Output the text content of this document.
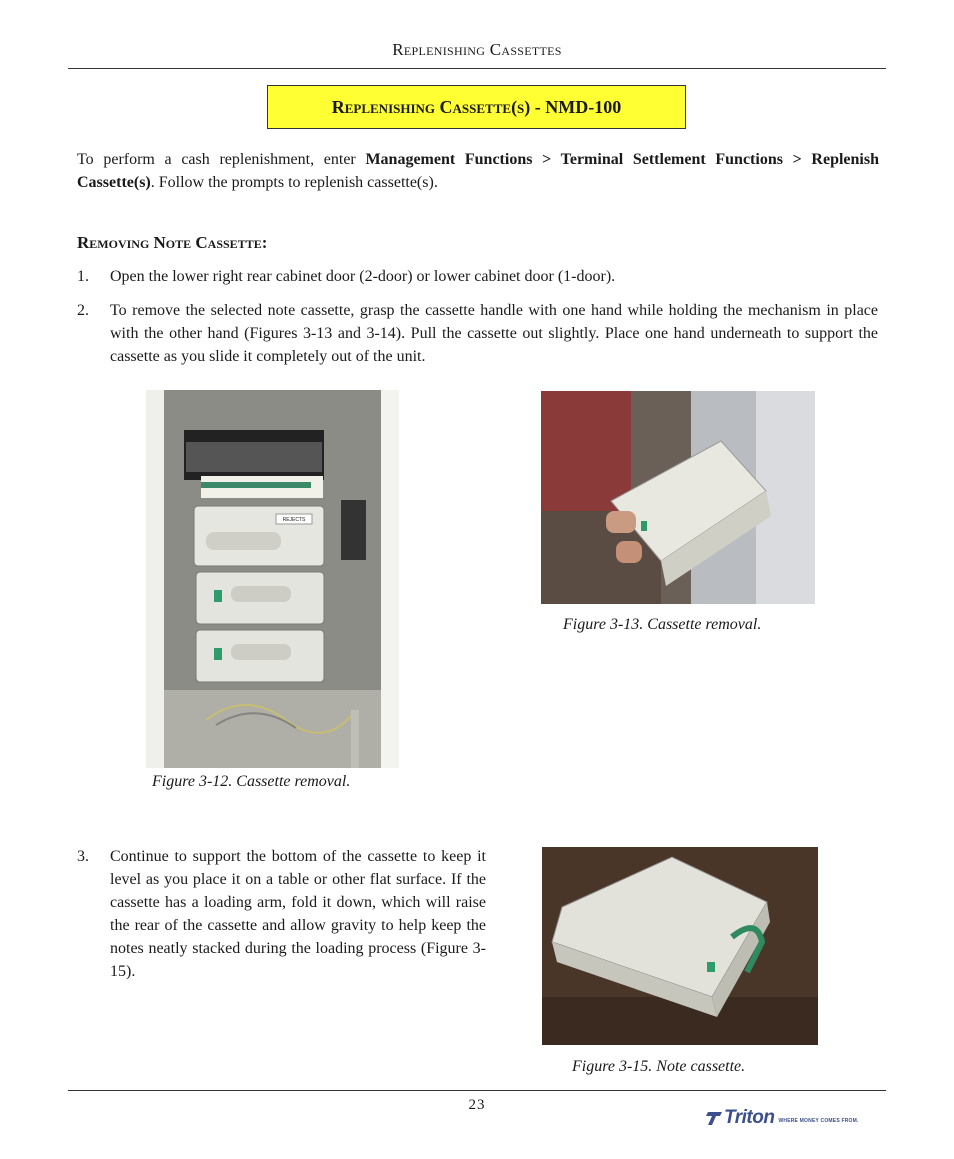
Replenishing Cassettes
Replenishing Cassette(s) - NMD-100
To perform a cash replenishment, enter Management Functions > Terminal Settlement Functions > Replenish Cassette(s). Follow the prompts to replenish cassette(s).
Removing Note Cassette:
1. Open the lower right rear cabinet door (2-door) or lower cabinet door (1-door).
2. To remove the selected note cassette, grasp the cassette handle with one hand while holding the mechanism in place with the other hand (Figures 3-13 and 3-14). Pull the cassette out slightly. Place one hand underneath to support the cassette as you slide it completely out of the unit.
REJECTS
Figure 3-12. Cassette removal.
Figure 3-13. Cassette removal.
3. Continue to support the bottom of the cassette to keep it level as you place it on a table or other flat surface. If the cassette has a loading arm, fold it down, which will raise the rear of the cassette and allow gravity to help keep the notes neatly stacked during the loading process (Figure 3-15).
Figure 3-15. Note cassette.
23
Triton WHERE MONEY COMES FROM.
